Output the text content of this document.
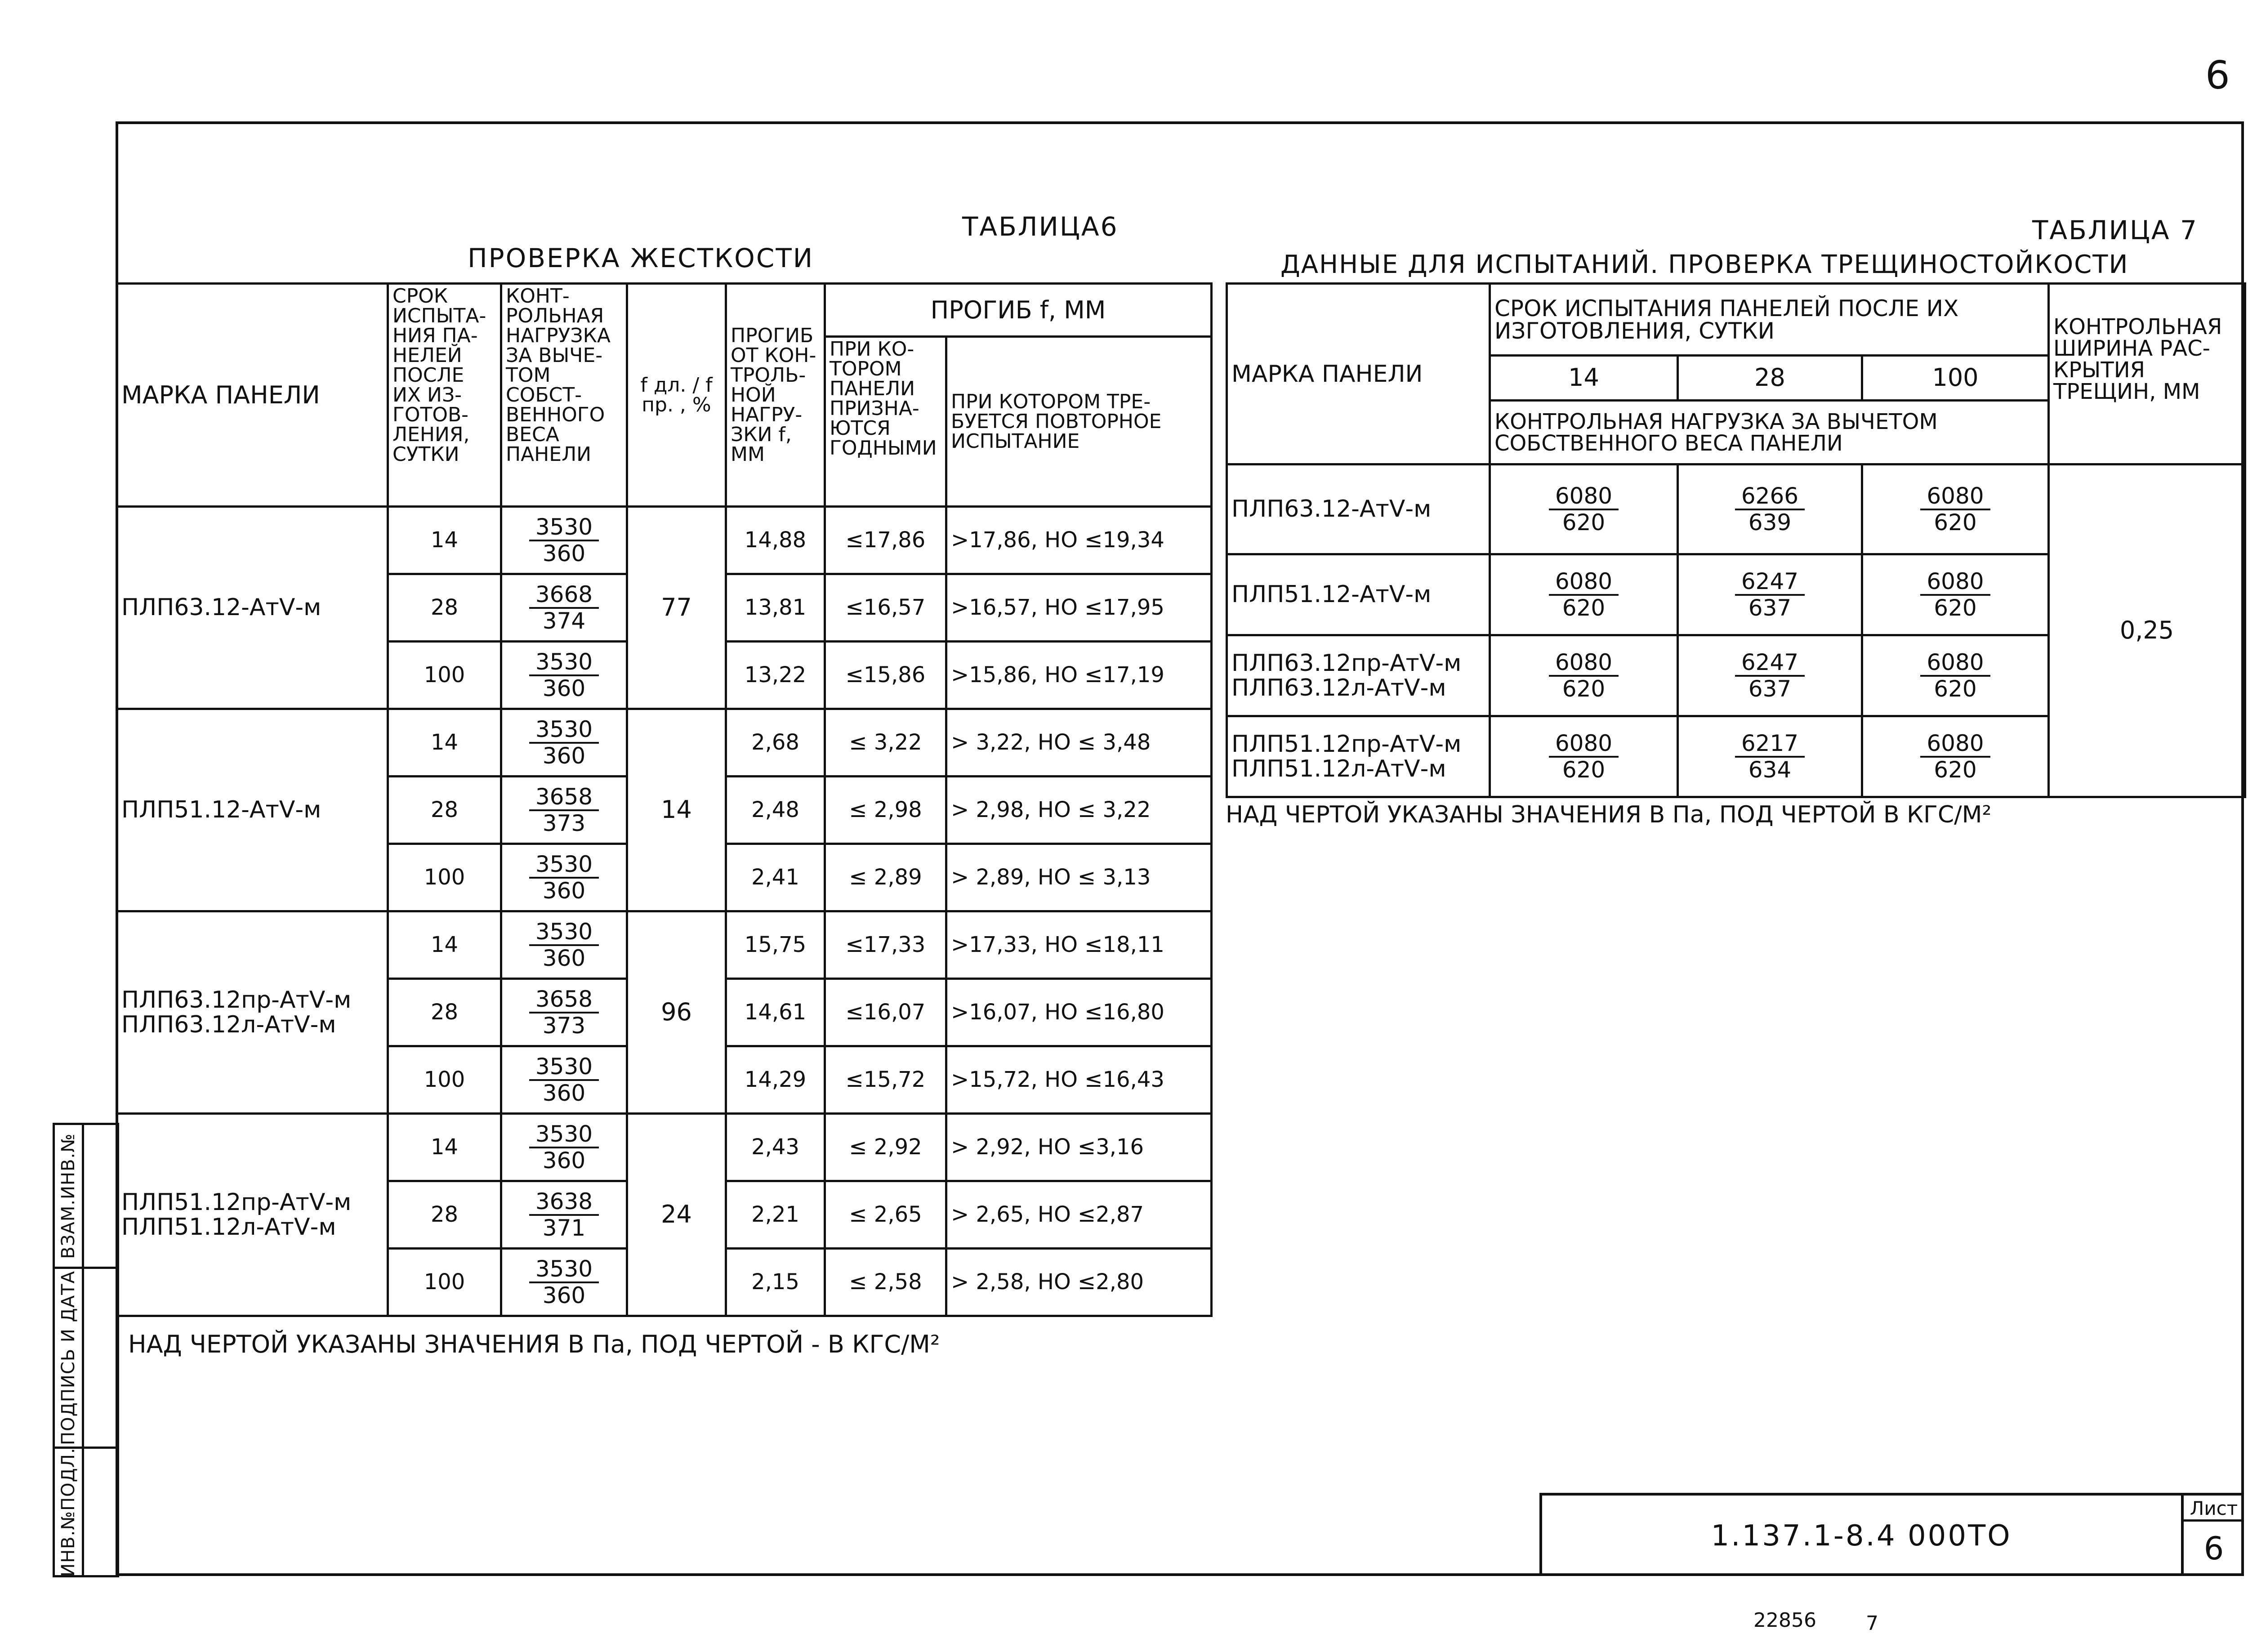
6
ВЗАМ.ИНВ.№
ПОДПИСЬ И ДАТА
ИНВ.№ПОДЛ.
ТАБЛИЦА6
ПРОВЕРКА ЖЕСТКОСТИ
МАРКА ПАНЕЛИ	СРОК ИСПЫТА-НИЯ ПА-НЕЛЕЙ ПОСЛЕ ИХ ИЗ-ГОТОВ-ЛЕНИЯ, СУТКИ	КОНТ-РОЛЬНАЯ НАГРУЗКА ЗА ВЫЧЕ-ТОМ СОБСТ-ВЕННОГО ВЕСА ПАНЕЛИ	f дл. / f пр. , %	ПРОГИБ ОТ КОН-ТРОЛЬ-НОЙ НАГРУ-ЗКИ f, ММ	ПРОГИБ f, ММ	
					ПРИ КО-ТОРОМ ПАНЕЛИ ПРИЗНА-ЮТСЯ ГОДНЫМИ	ПРИ КОТОРОМ ТРЕ-БУЕТСЯ ПОВТОРНОЕ ИСПЫТАНИЕ
ПЛП63.12-АтⅤ-м	14	$\frac{3530}{360}$	77	14,88	≤17,86	>17,86, НО ≤19,34
	28	$\frac{3668}{374}$		13,81	≤16,57	>16,57, НО ≤17,95
	100	$\frac{3530}{360}$		13,22	≤15,86	>15,86, НО ≤17,19
ПЛП51.12-АтⅤ-м	14	$\frac{3530}{360}$	14	2,68	≤ 3,22	> 3,22, НО ≤ 3,48
	28	$\frac{3658}{373}$		2,48	≤ 2,98	> 2,98, НО ≤ 3,22
	100	$\frac{3530}{360}$		2,41	≤ 2,89	> 2,89, НО ≤ 3,13
ПЛП63.12пр-АтⅤ-м
ПЛП63.12л-АтⅤ-м	14	$\frac{3530}{360}$	96	15,75	≤17,33	>17,33, НО ≤18,11
	28	$\frac{3658}{373}$		14,61	≤16,07	>16,07, НО ≤16,80
	100	$\frac{3530}{360}$		14,29	≤15,72	>15,72, НО ≤16,43
ПЛП51.12пр-АтⅤ-м
ПЛП51.12л-АтⅤ-м	14	$\frac{3530}{360}$	24	2,43	≤ 2,92	> 2,92, НО ≤3,16
	28	$\frac{3638}{371}$		2,21	≤ 2,65	> 2,65, НО ≤2,87
	100	$\frac{3530}{360}$		2,15	≤ 2,58	> 2,58, НО ≤2,80
НАД ЧЕРТОЙ УКАЗАНЫ ЗНАЧЕНИЯ В Па, ПОД ЧЕРТОЙ - В КГС/М²
ТАБЛИЦА 7
ДАННЫЕ ДЛЯ ИСПЫТАНИЙ. ПРОВЕРКА ТРЕЩИНОСТОЙКОСТИ
МАРКА ПАНЕЛИ	СРОК ИСПЫТАНИЯ ПАНЕЛЕЙ ПОСЛЕ ИХ ИЗГОТОВЛЕНИЯ, СУТКИ			КОНТРОЛЬНАЯ ШИРИНА РАС-КРЫТИЯ ТРЕЩИН, ММ
	14	28	100	
	КОНТРОЛЬНАЯ НАГРУЗКА ЗА ВЫЧЕТОМ СОБСТВЕННОГО ВЕСА ПАНЕЛИ			
ПЛП63.12-АтⅤ-м	$\frac{6080}{620}$	$\frac{6266}{639}$	$\frac{6080}{620}$	0,25
ПЛП51.12-АтⅤ-м	$\frac{6080}{620}$	$\frac{6247}{637}$	$\frac{6080}{620}$

ПЛП63.12пр-АтⅤ-м
ПЛП63.12л-АтⅤ-м	$\frac{6080}{620}$	$\frac{6247}{637}$	$\frac{6080}{620}$

ПЛП51.12пр-АтⅤ-м
ПЛП51.12л-АтⅤ-м	$\frac{6080}{620}$	$\frac{6217}{634}$	$\frac{6080}{620}$
НАД ЧЕРТОЙ УКАЗАНЫ ЗНАЧЕНИЯ В Па, ПОД ЧЕРТОЙ В КГС/М²
1.137.1-8.4 000ТО
Лист
6
22856	7
